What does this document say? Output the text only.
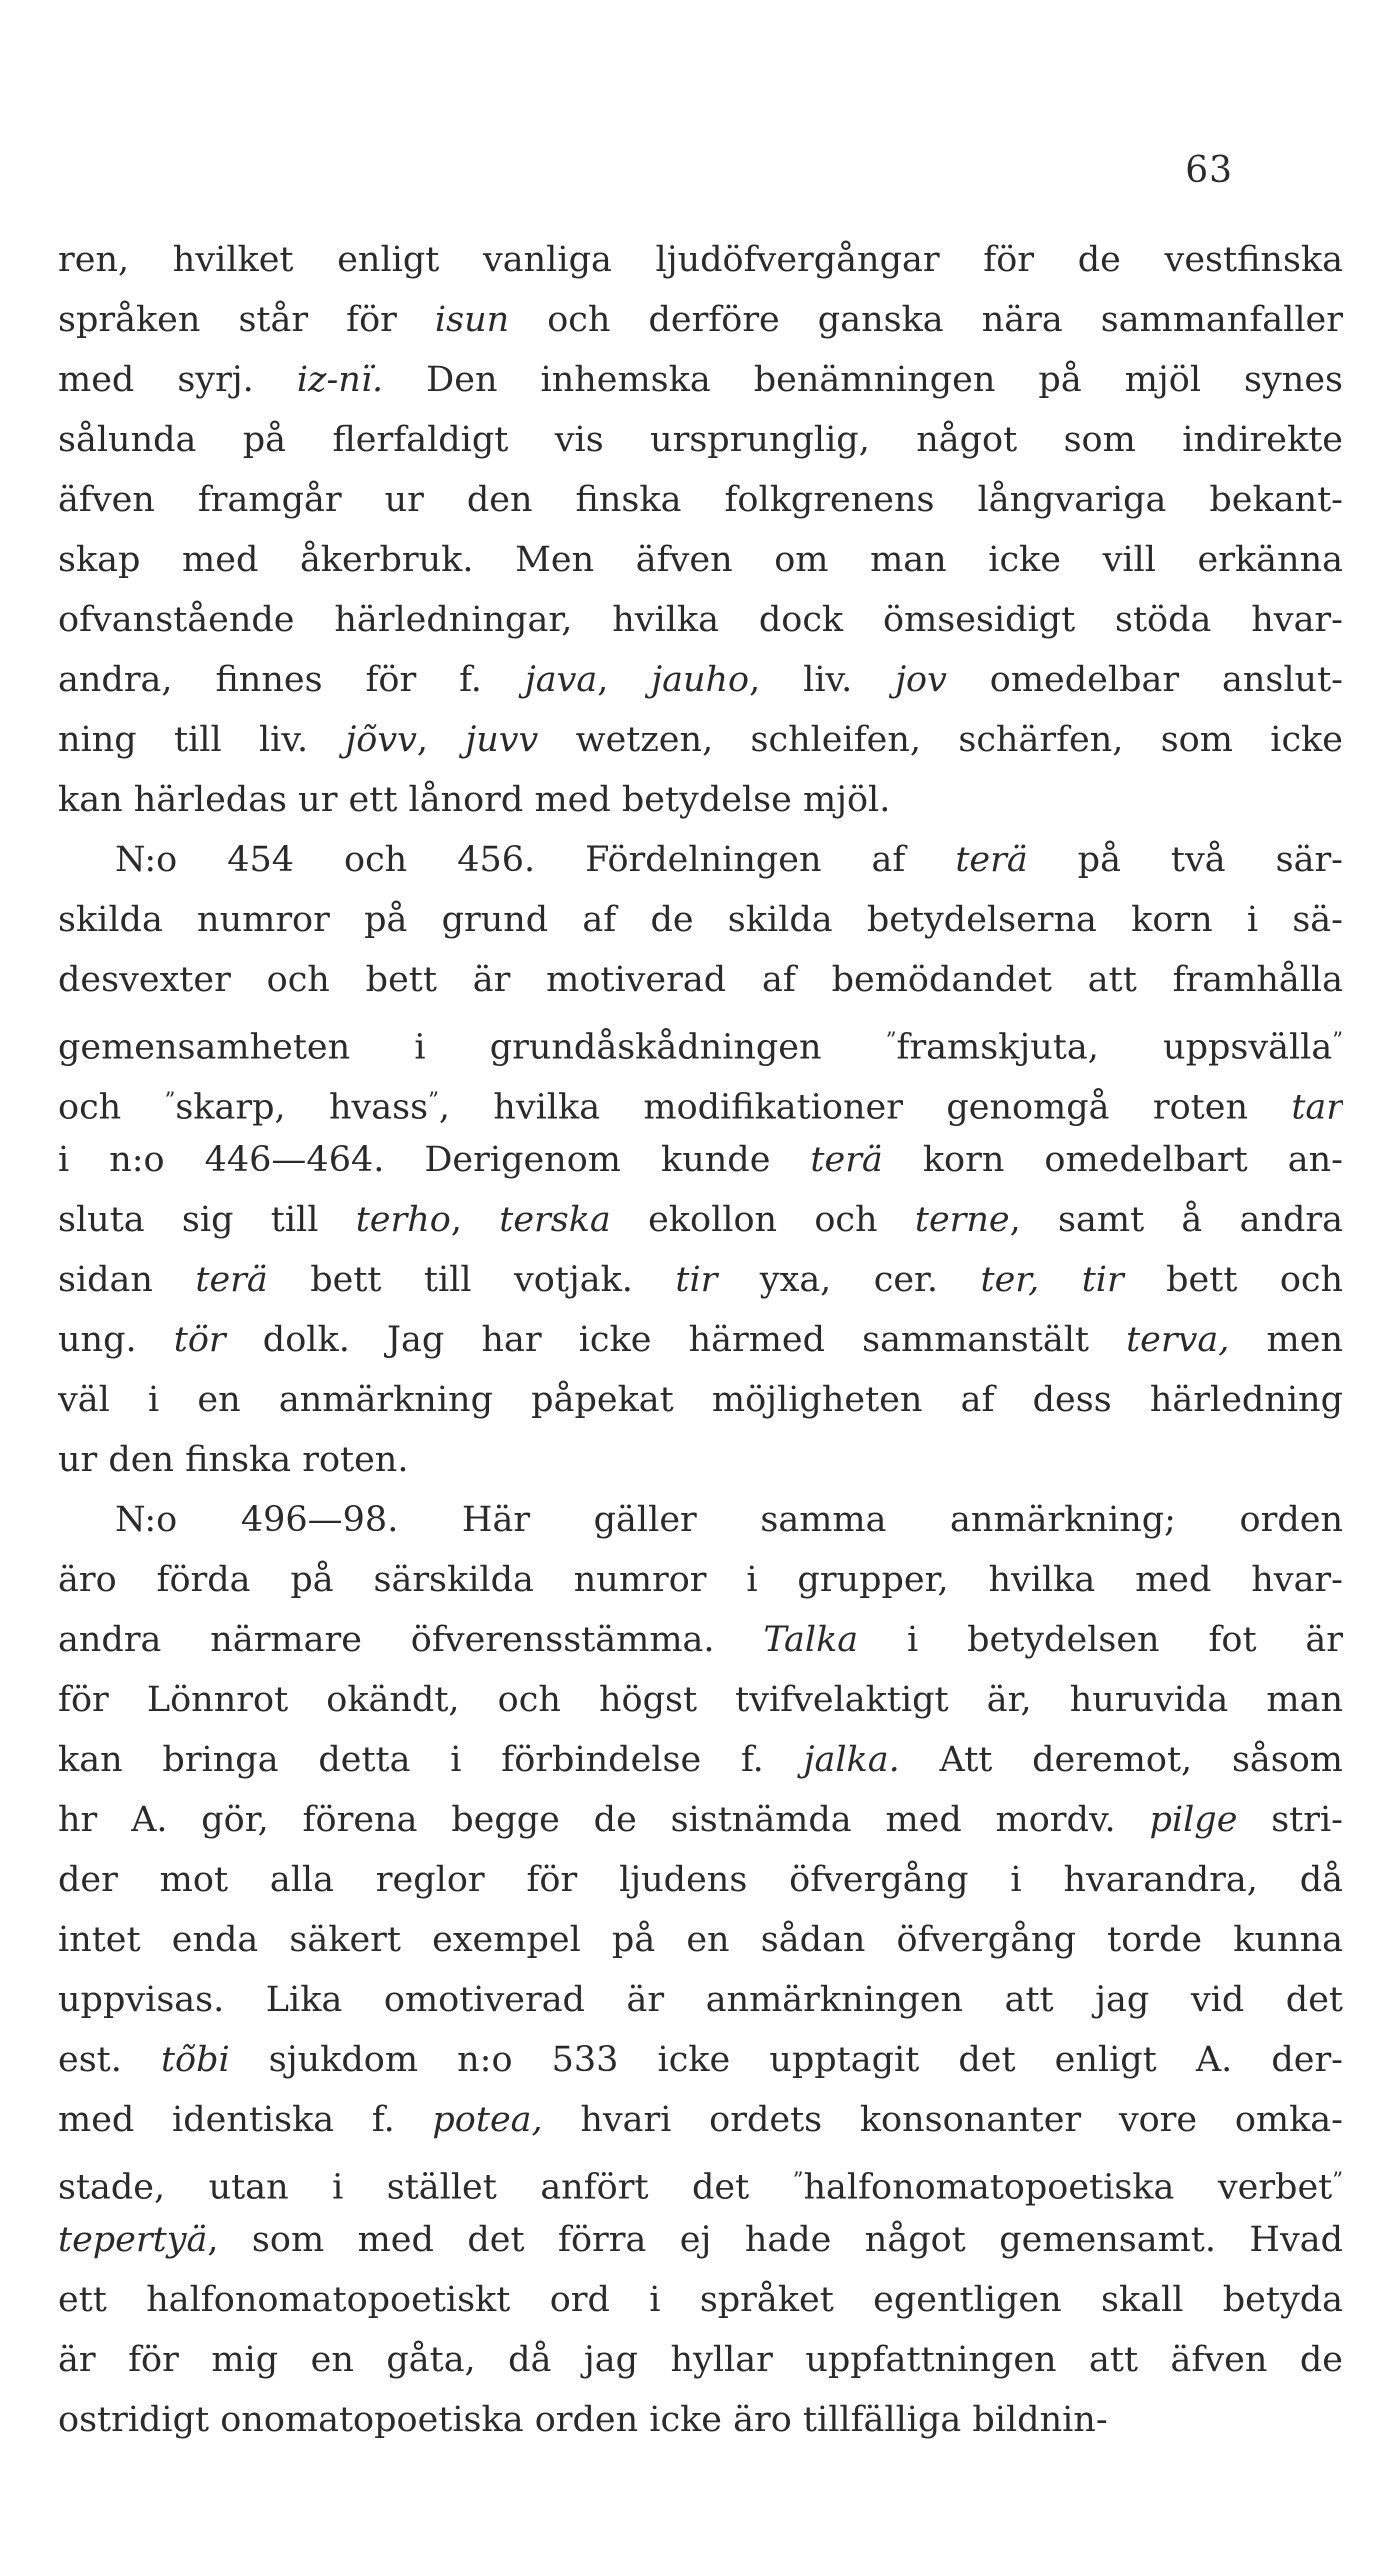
63
ren, hvilket enligt vanliga ljudöfvergångar för de vestfinska
språken står för isun och derföre ganska nära sammanfaller
med syrj. iz-nï. Den inhemska benämningen på mjöl synes
sålunda på flerfaldigt vis ursprunglig, något som indirekte
äfven framgår ur den finska folkgrenens långvariga bekant-
skap med åkerbruk. Men äfven om man icke vill erkänna
ofvanstående härledningar, hvilka dock ömsesidigt stöda hvar-
andra, finnes för f. java, jauho, liv. jov omedelbar anslut-
ning till liv. jõvv, juvv wetzen, schleifen, schärfen, som icke
kan härledas ur ett lånord med betydelse mjöl.
N:o 454 och 456. Fördelningen af terä på två sär-
skilda numror på grund af de skilda betydelserna korn i sä-
desvexter och bett är motiverad af bemödandet att framhålla
gemensamheten i grundåskådningen ”framskjuta, uppsvälla”
och ”skarp, hvass”, hvilka modifikationer genomgå roten tar
i n:o 446—464. Derigenom kunde terä korn omedelbart an-
sluta sig till terho, terska ekollon och terne, samt å andra
sidan terä bett till votjak. tir yxa, cer. ter, tir bett och
ung. tör dolk. Jag har icke härmed sammanstält terva, men
väl i en anmärkning påpekat möjligheten af dess härledning
ur den finska roten.
N:o 496—98. Här gäller samma anmärkning; orden
äro förda på särskilda numror i grupper, hvilka med hvar-
andra närmare öfverensstämma. Talka i betydelsen fot är
för Lönnrot okändt, och högst tvifvelaktigt är, huruvida man
kan bringa detta i förbindelse f. jalka. Att deremot, såsom
hr A. gör, förena begge de sistnämda med mordv. pilge stri-
der mot alla reglor för ljudens öfvergång i hvarandra, då
intet enda säkert exempel på en sådan öfvergång torde kunna
uppvisas. Lika omotiverad är anmärkningen att jag vid det
est. tõbi sjukdom n:o 533 icke upptagit det enligt A. der-
med identiska f. potea, hvari ordets konsonanter vore omka-
stade, utan i stället anfört det ”halfonomatopoetiska verbet”
tepertyä, som med det förra ej hade något gemensamt. Hvad
ett halfonomatopoetiskt ord i språket egentligen skall betyda
är för mig en gåta, då jag hyllar uppfattningen att äfven de
ostridigt onomatopoetiska orden icke äro tillfälliga bildnin-
